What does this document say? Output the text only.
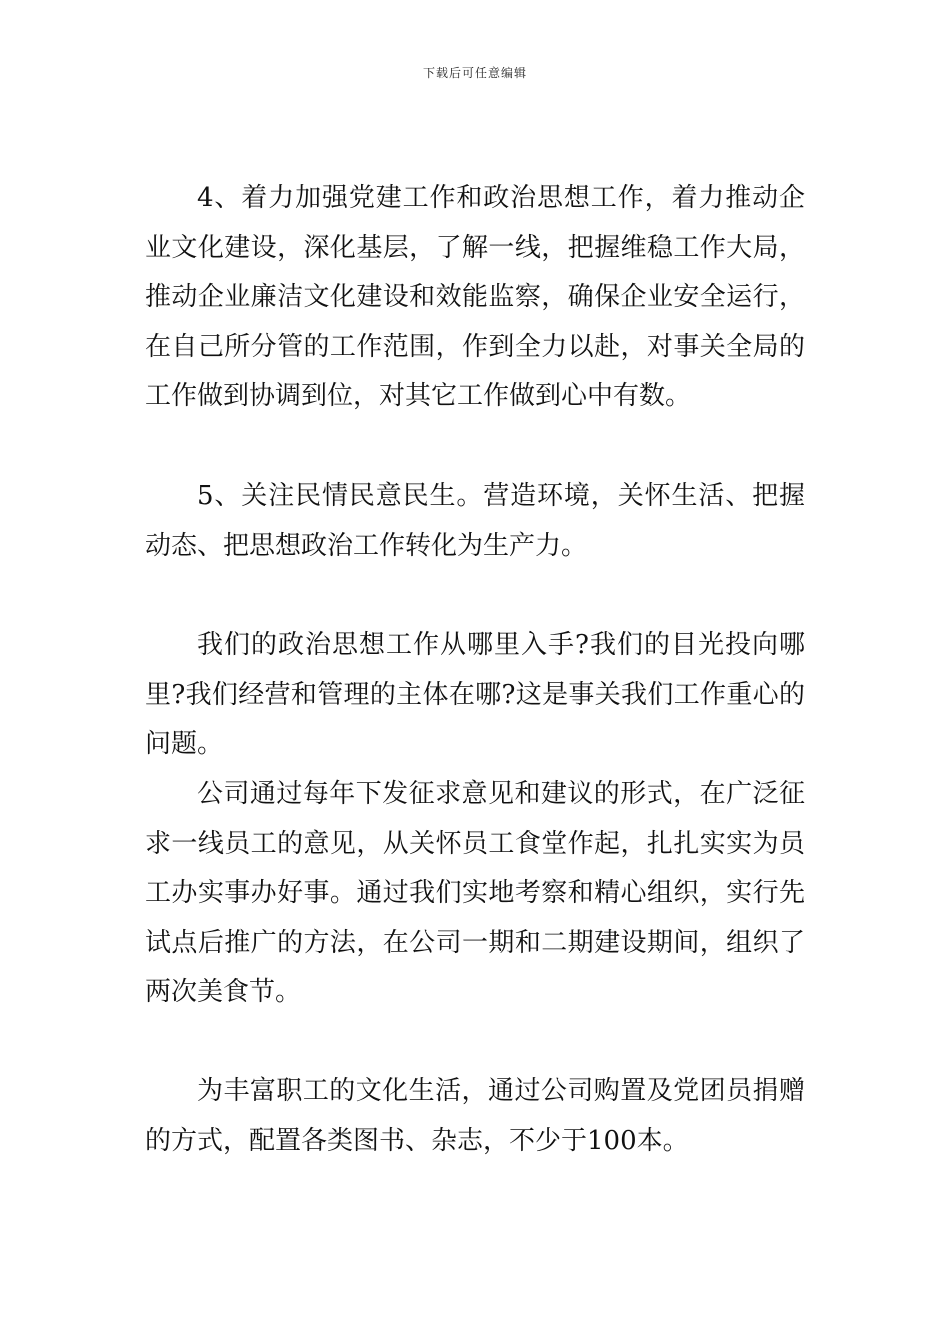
下载后可任意编辑

4、着力加强党建工作和政治思想工作，着力推动企业文化建设，深化基层，了解一线，把握维稳工作大局，推动企业廉洁文化建设和效能监察，确保企业安全运行，在自己所分管的工作范围，作到全力以赴，对事关全局的工作做到协调到位，对其它工作做到心中有数。

5、关注民情民意民生。营造环境，关怀生活、把握动态、把思想政治工作转化为生产力。

我们的政治思想工作从哪里入手?我们的目光投向哪里?我们经营和管理的主体在哪?这是事关我们工作重心的问题。

公司通过每年下发征求意见和建议的形式，在广泛征求一线员工的意见，从关怀员工食堂作起，扎扎实实为员工办实事办好事。通过我们实地考察和精心组织，实行先试点后推广的方法，在公司一期和二期建设期间，组织了两次美食节。

为丰富职工的文化生活，通过公司购置及党团员捐赠的方式，配置各类图书、杂志，不少于100本。
